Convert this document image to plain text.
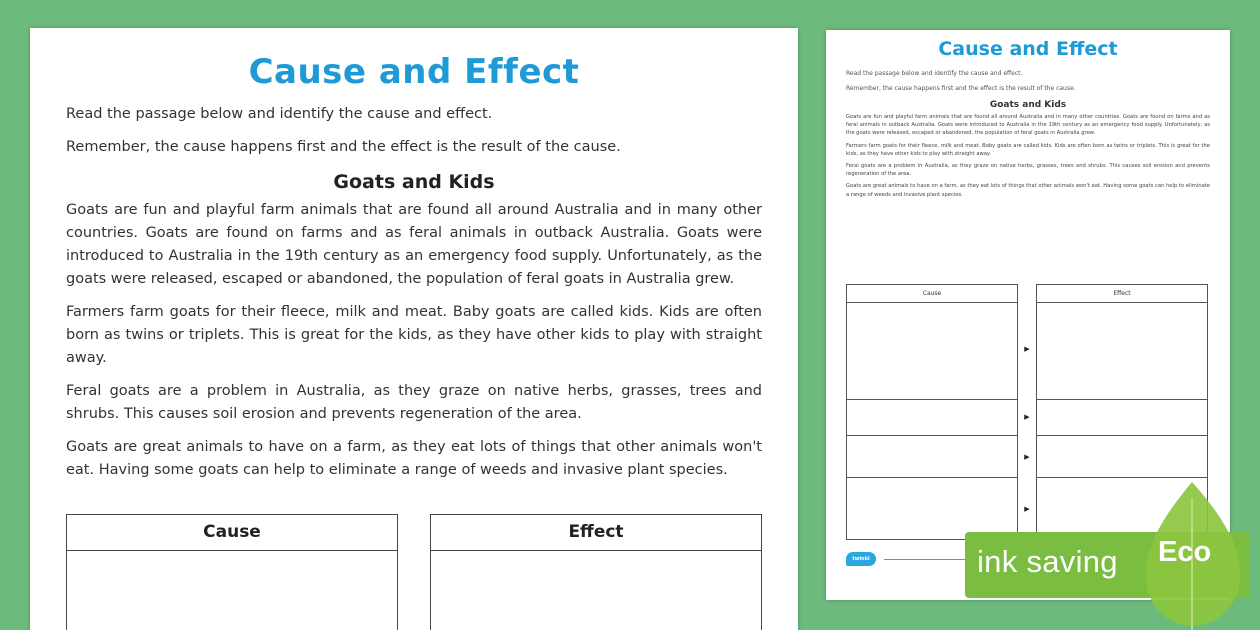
Cause and Effect

Read the passage below and identify the cause and effect.

Remember, the cause happens first and the effect is the result of the cause.

Goats and Kids

Goats are fun and playful farm animals that are found all around Australia and in many other countries. Goats are found on farms and as feral animals in outback Australia. Goats were introduced to Australia in the 19th century as an emergency food supply. Unfortunately, as the goats were released, escaped or abandoned, the population of feral goats in Australia grew.

Farmers farm goats for their fleece, milk and meat. Baby goats are called kids. Kids are often born as twins or triplets. This is great for the kids, as they have other kids to play with straight away.

Feral goats are a problem in Australia, as they graze on native herbs, grasses, trees and shrubs. This causes soil erosion and prevents regeneration of the area.

Goats are great animals to have on a farm, as they eat lots of things that other animals won't eat. Having some goats can help to eliminate a range of weeds and invasive plant species.

Cause	Effect
Cause and Effect

Read the passage below and identify the cause and effect.

Remember, the cause happens first and the effect is the result of the cause.

Goats and Kids

Goats are fun and playful farm animals that are found all around Australia and in many other countries. Goats are found on farms and as feral animals in outback Australia. Goats were introduced to Australia in the 19th century as an emergency food supply. Unfortunately, as the goats were released, escaped or abandoned, the population of feral goats in Australia grew.

Farmers farm goats for their fleece, milk and meat. Baby goats are called kids. Kids are often born as twins or triplets. This is great for the kids, as they have other kids to play with straight away.

Feral goats are a problem in Australia, as they graze on native herbs, grasses, trees and shrubs. This causes soil erosion and prevents regeneration of the area.

Goats are great animals to have on a farm, as they eat lots of things that other animals won't eat. Having some goats can help to eliminate a range of weeds and invasive plant species.

Cause
▶
▶
▶
▶
Effect
twinkl	ink saving Eco
